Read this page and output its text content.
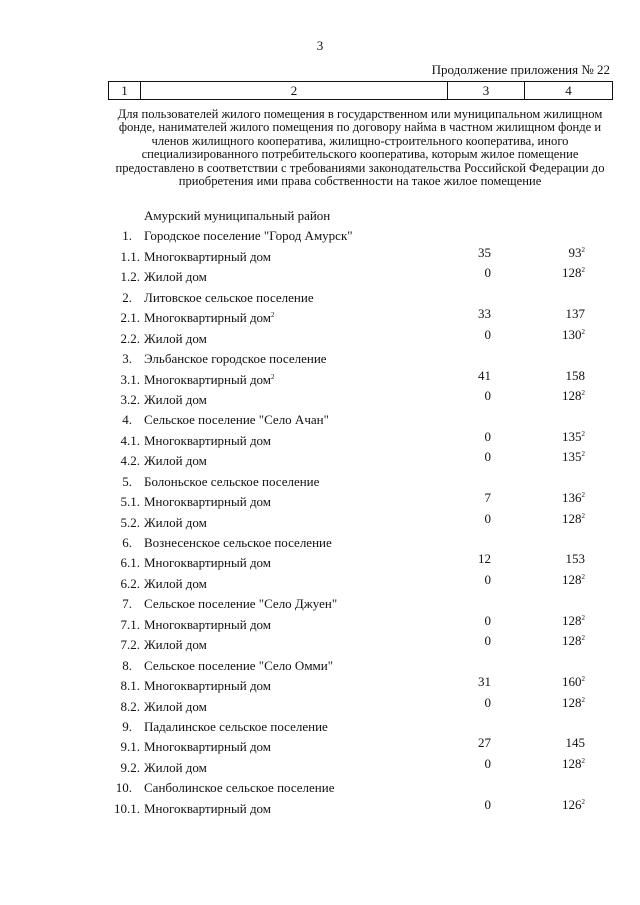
3
Продолжение приложения № 22
1	2	3	4
Для пользователей жилого помещения в государственном или муниципальном жилищном фонде, нанимателей жилого помещения по договору найма в частном жилищном фонде и членов жилищного кооператива, жилищно-строительного кооператива, иного специализированного потребительского кооператива, которым жилое помещение предоставлено в соответствии с требованиями законодательства Российской Федерации до приобретения ими права собственности на такое жилое помещение
Амурский муниципальный район
1. Городское поселение "Город Амурск"
1.1. Многоквартирный дом	35	$93^2$
1.2. Жилой дом	0	$128^2$
2. Литовское сельское поселение
2.1. Многоквартирный дом$^2$	33	137
2.2. Жилой дом	0	$130^2$
3. Эльбанское городское поселение
3.1. Многоквартирный дом$^2$	41	158
3.2. Жилой дом	0	$128^2$
4. Сельское поселение "Село Ачан"
4.1. Многоквартирный дом	0	$135^2$
4.2. Жилой дом	0	$135^2$
5. Болоньское сельское поселение
5.1. Многоквартирный дом	7	$136^2$
5.2. Жилой дом	0	$128^2$
6. Вознесенское сельское поселение
6.1. Многоквартирный дом	12	153
6.2. Жилой дом	0	$128^2$
7. Сельское поселение "Село Джуен"
7.1. Многоквартирный дом	0	$128^2$
7.2. Жилой дом	0	$128^2$
8. Сельское поселение "Село Омми"
8.1. Многоквартирный дом	31	$160^2$
8.2. Жилой дом	0	$128^2$
9. Падалинское сельское поселение
9.1. Многоквартирный дом	27	145
9.2. Жилой дом	0	$128^2$
10. Санболинское сельское поселение
10.1. Многоквартирный дом	0	$126^2$
